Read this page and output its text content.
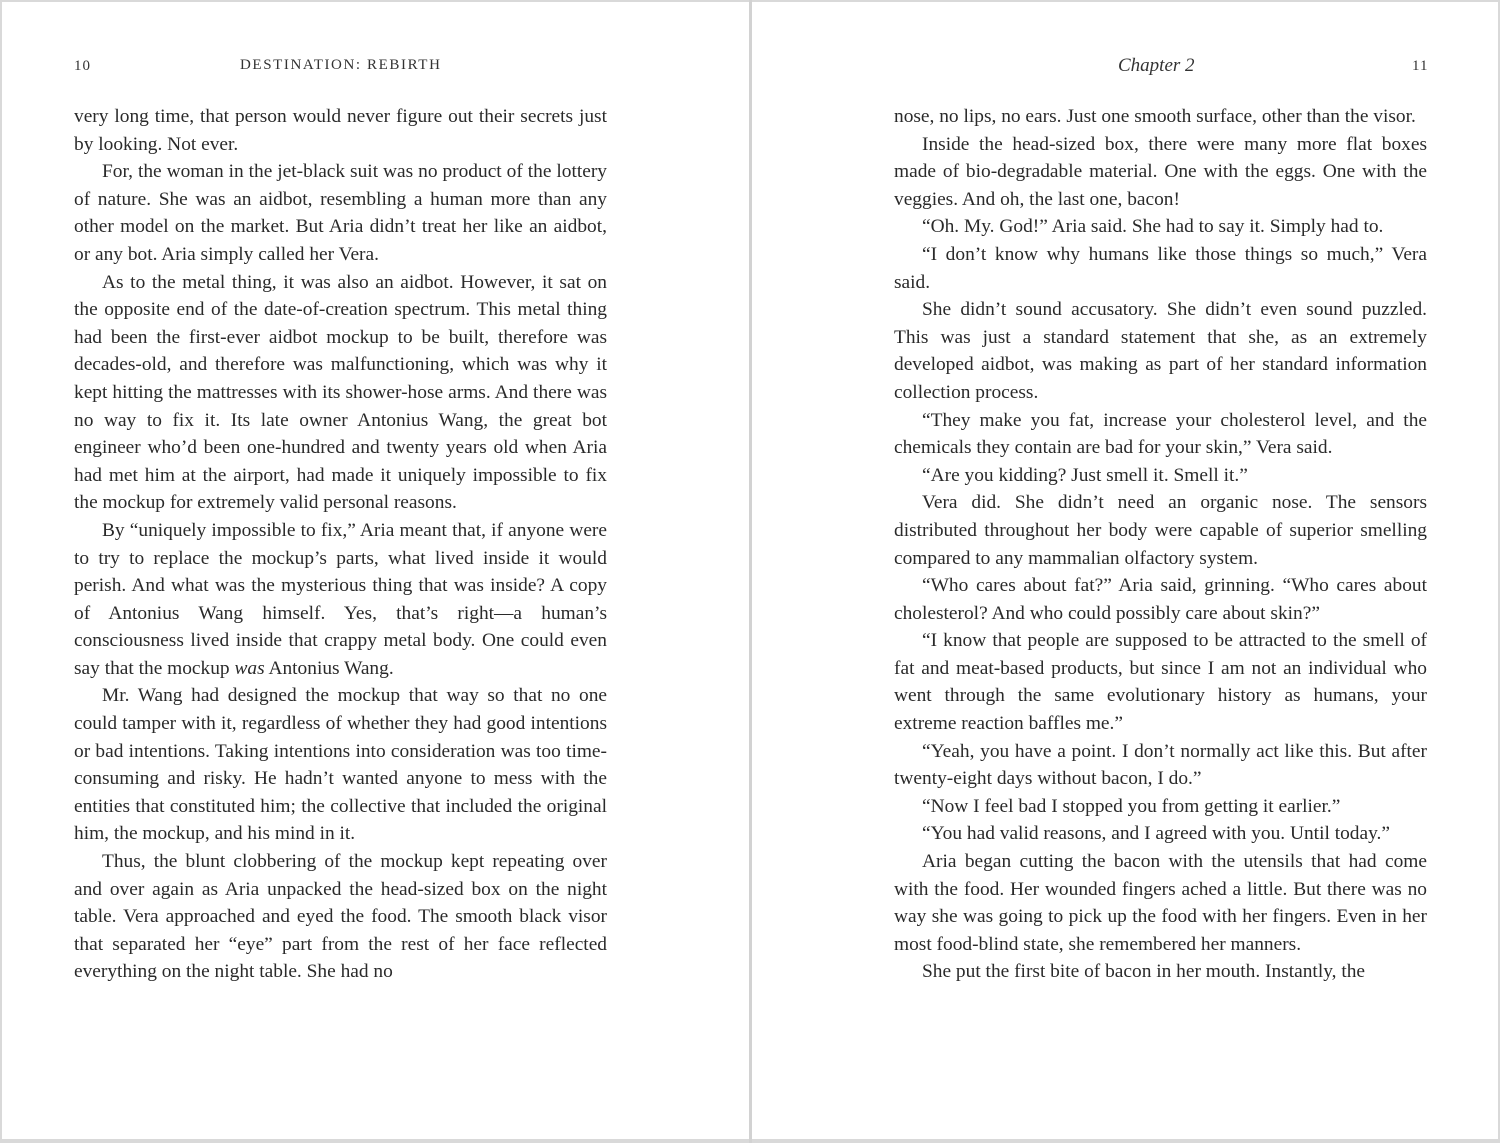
10	DESTINATION: REBIRTH

very long time, that person would never figure out their secrets just by looking. Not ever.

For, the woman in the jet-black suit was no product of the lottery of nature. She was an aidbot, resembling a human more than any other model on the market. But Aria didn’t treat her like an aidbot, or any bot. Aria simply called her Vera.

As to the metal thing, it was also an aidbot. However, it sat on the opposite end of the date-of-creation spectrum. This metal thing had been the first-ever aidbot mockup to be built, therefore was decades-old, and therefore was malfunctioning, which was why it kept hitting the mattresses with its shower-hose arms. And there was no way to fix it. Its late owner Antonius Wang, the great bot engineer who’d been one-hundred and twenty years old when Aria had met him at the airport, had made it uniquely impossible to fix the mockup for extremely valid personal reasons.

By “uniquely impossible to fix,” Aria meant that, if anyone were to try to replace the mockup’s parts, what lived inside it would perish. And what was the mysterious thing that was inside? A copy of Antonius Wang himself. Yes, that’s right—a human’s consciousness lived inside that crappy metal body. One could even say that the mockup was Antonius Wang.

Mr. Wang had designed the mockup that way so that no one could tamper with it, regardless of whether they had good intentions or bad intentions. Taking intentions into consideration was too time-consuming and risky. He hadn’t wanted anyone to mess with the entities that constituted him; the collective that included the original him, the mockup, and his mind in it.

Thus, the blunt clobbering of the mockup kept repeating over and over again as Aria unpacked the head-sized box on the night table. Vera approached and eyed the food. The smooth black visor that separated her “eye” part from the rest of her face reflected everything on the night table. She had no

Chapter 2	11

nose, no lips, no ears. Just one smooth surface, other than the visor.

Inside the head-sized box, there were many more flat boxes made of bio-degradable material. One with the eggs. One with the veggies. And oh, the last one, bacon!

“Oh. My. God!” Aria said. She had to say it. Simply had to.

“I don’t know why humans like those things so much,” Vera said.

She didn’t sound accusatory. She didn’t even sound puzzled. This was just a standard statement that she, as an extremely developed aidbot, was making as part of her standard information collection process.

“They make you fat, increase your cholesterol level, and the chemicals they contain are bad for your skin,” Vera said.

“Are you kidding? Just smell it. Smell it.”

Vera did. She didn’t need an organic nose. The sensors distributed throughout her body were capable of superior smelling compared to any mammalian olfactory system.

“Who cares about fat?” Aria said, grinning. “Who cares about cholesterol? And who could possibly care about skin?”

“I know that people are supposed to be attracted to the smell of fat and meat-based products, but since I am not an individual who went through the same evolutionary history as humans, your extreme reaction baffles me.”

“Yeah, you have a point. I don’t normally act like this. But after twenty-eight days without bacon, I do.”

“Now I feel bad I stopped you from getting it earlier.”

“You had valid reasons, and I agreed with you. Until today.”

Aria began cutting the bacon with the utensils that had come with the food. Her wounded fingers ached a little. But there was no way she was going to pick up the food with her fingers. Even in her most food-blind state, she remembered her manners.

She put the first bite of bacon in her mouth. Instantly, the
